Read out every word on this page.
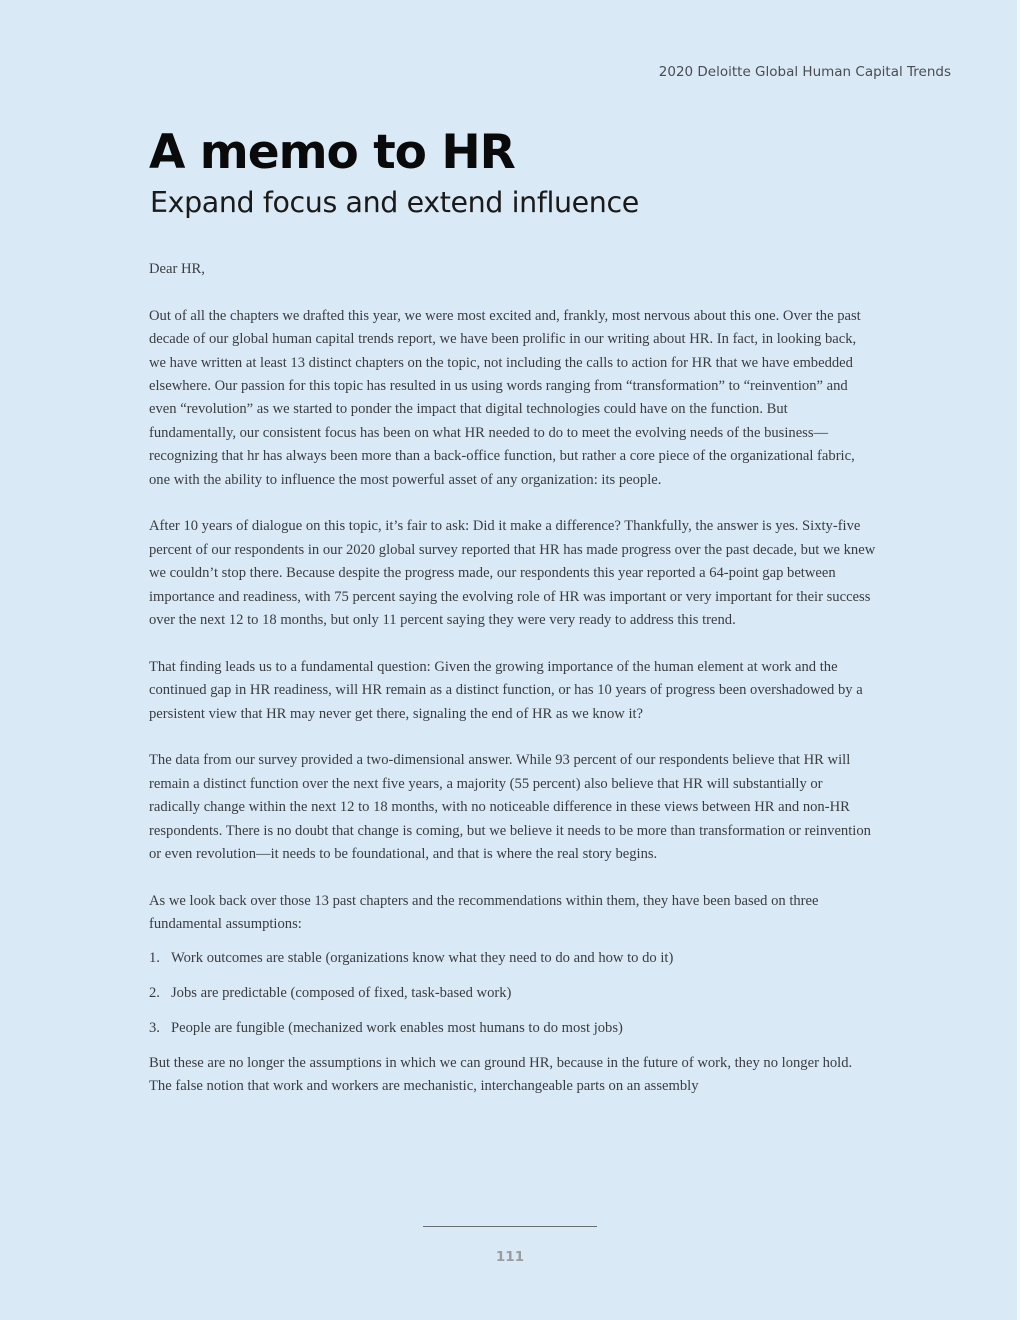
2020 Deloitte Global Human Capital Trends
A memo to HR
Expand focus and extend influence

Dear HR,

Out of all the chapters we drafted this year, we were most excited and, frankly, most nervous about this one. Over the past decade of our global human capital trends report, we have been prolific in our writing about HR. In fact, in looking back, we have written at least 13 distinct chapters on the topic, not including the calls to action for HR that we have embedded elsewhere. Our passion for this topic has resulted in us using words ranging from “transformation” to “reinvention” and even “revolution” as we started to ponder the impact that digital technologies could have on the function. But fundamentally, our consistent focus has been on what HR needed to do to meet the evolving needs of the business—recognizing that hr has always been more than a back-office function, but rather a core piece of the organizational fabric, one with the ability to influence the most powerful asset of any organization: its people.

After 10 years of dialogue on this topic, it’s fair to ask: Did it make a difference? Thankfully, the answer is yes. Sixty-five percent of our respondents in our 2020 global survey reported that HR has made progress over the past decade, but we knew we couldn’t stop there. Because despite the progress made, our respondents this year reported a 64-point gap between importance and readiness, with 75 percent saying the evolving role of HR was important or very important for their success over the next 12 to 18 months, but only 11 percent saying they were very ready to address this trend.

That finding leads us to a fundamental question: Given the growing importance of the human element at work and the continued gap in HR readiness, will HR remain as a distinct function, or has 10 years of progress been overshadowed by a persistent view that HR may never get there, signaling the end of HR as we know it?

The data from our survey provided a two-dimensional answer. While 93 percent of our respondents believe that HR will remain a distinct function over the next five years, a majority (55 percent) also believe that HR will substantially or radically change within the next 12 to 18 months, with no noticeable difference in these views between HR and non-HR respondents. There is no doubt that change is coming, but we believe it needs to be more than transformation or reinvention or even revolution—it needs to be foundational, and that is where the real story begins.

As we look back over those 13 past chapters and the recommendations within them, they have been based on three fundamental assumptions:

1. Work outcomes are stable (organizations know what they need to do and how to do it)
2. Jobs are predictable (composed of fixed, task-based work)
3. People are fungible (mechanized work enables most humans to do most jobs)

But these are no longer the assumptions in which we can ground HR, because in the future of work, they no longer hold. The false notion that work and workers are mechanistic, interchangeable parts on an assembly

111
